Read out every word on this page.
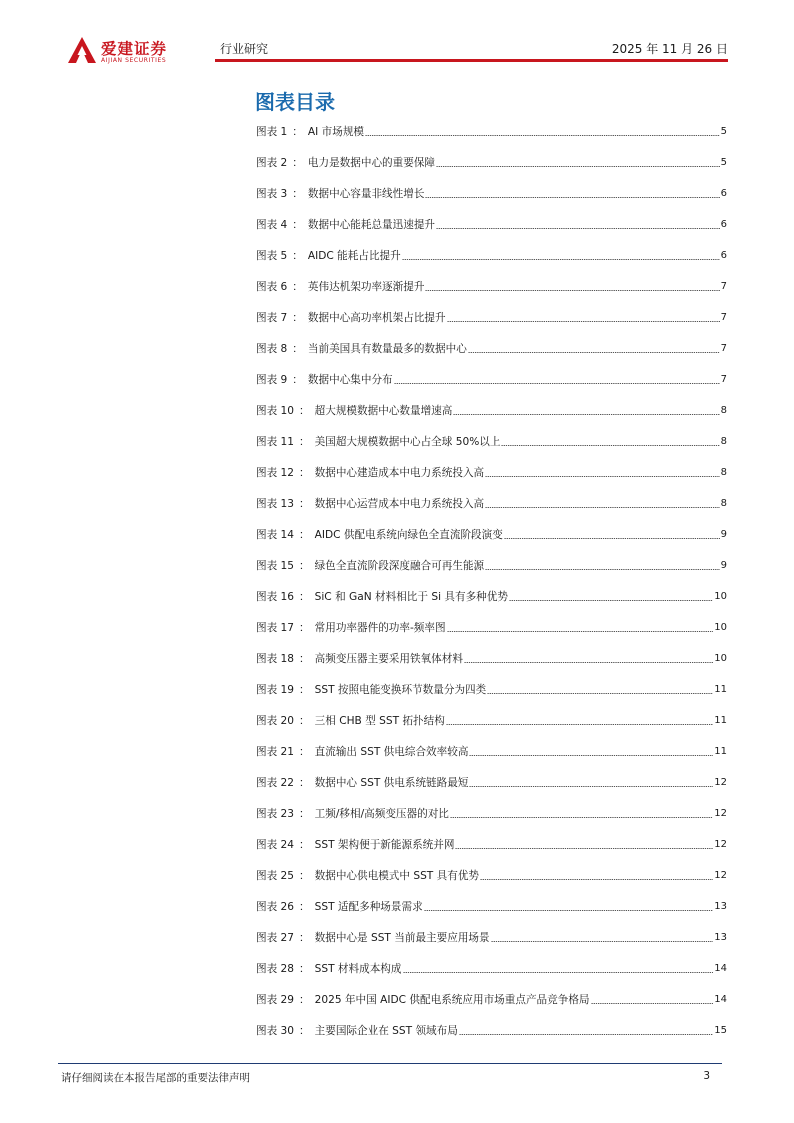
爱建证券
AIJIAN SECURITIES
行业研究	2025 年 11 月 26 日
图表目录
图表 1 ： AI 市场规模	5
图表 2 ： 电力是数据中心的重要保障	5
图表 3 ： 数据中心容量非线性增长	6
图表 4 ： 数据中心能耗总量迅速提升	6
图表 5 ： AIDC 能耗占比提升	6
图表 6 ： 英伟达机架功率逐渐提升	7
图表 7 ： 数据中心高功率机架占比提升	7
图表 8 ： 当前美国具有数量最多的数据中心	7
图表 9 ： 数据中心集中分布	7
图表 10 ： 超大规模数据中心数量增速高	8
图表 11 ： 美国超大规模数据中心占全球 50%以上	8
图表 12 ： 数据中心建造成本中电力系统投入高	8
图表 13 ： 数据中心运营成本中电力系统投入高	8
图表 14 ： AIDC 供配电系统向绿色全直流阶段演变	9
图表 15 ： 绿色全直流阶段深度融合可再生能源	9
图表 16 ： SiC 和 GaN 材料相比于 Si 具有多种优势	10
图表 17 ： 常用功率器件的功率-频率图	10
图表 18 ： 高频变压器主要采用铁氧体材料	10
图表 19 ： SST 按照电能变换环节数量分为四类	11
图表 20 ： 三相 CHB 型 SST 拓扑结构	11
图表 21 ： 直流输出 SST 供电综合效率较高	11
图表 22 ： 数据中心 SST 供电系统链路最短	12
图表 23 ： 工频/移相/高频变压器的对比	12
图表 24 ： SST 架构便于新能源系统并网	12
图表 25 ： 数据中心供电模式中 SST 具有优势	12
图表 26 ： SST 适配多种场景需求	13
图表 27 ： 数据中心是 SST 当前最主要应用场景	13
图表 28 ： SST 材料成本构成	14
图表 29 ： 2025 年中国 AIDC 供配电系统应用市场重点产品竞争格局	14
图表 30 ： 主要国际企业在 SST 领域布局	15
请仔细阅读在本报告尾部的重要法律声明	3
